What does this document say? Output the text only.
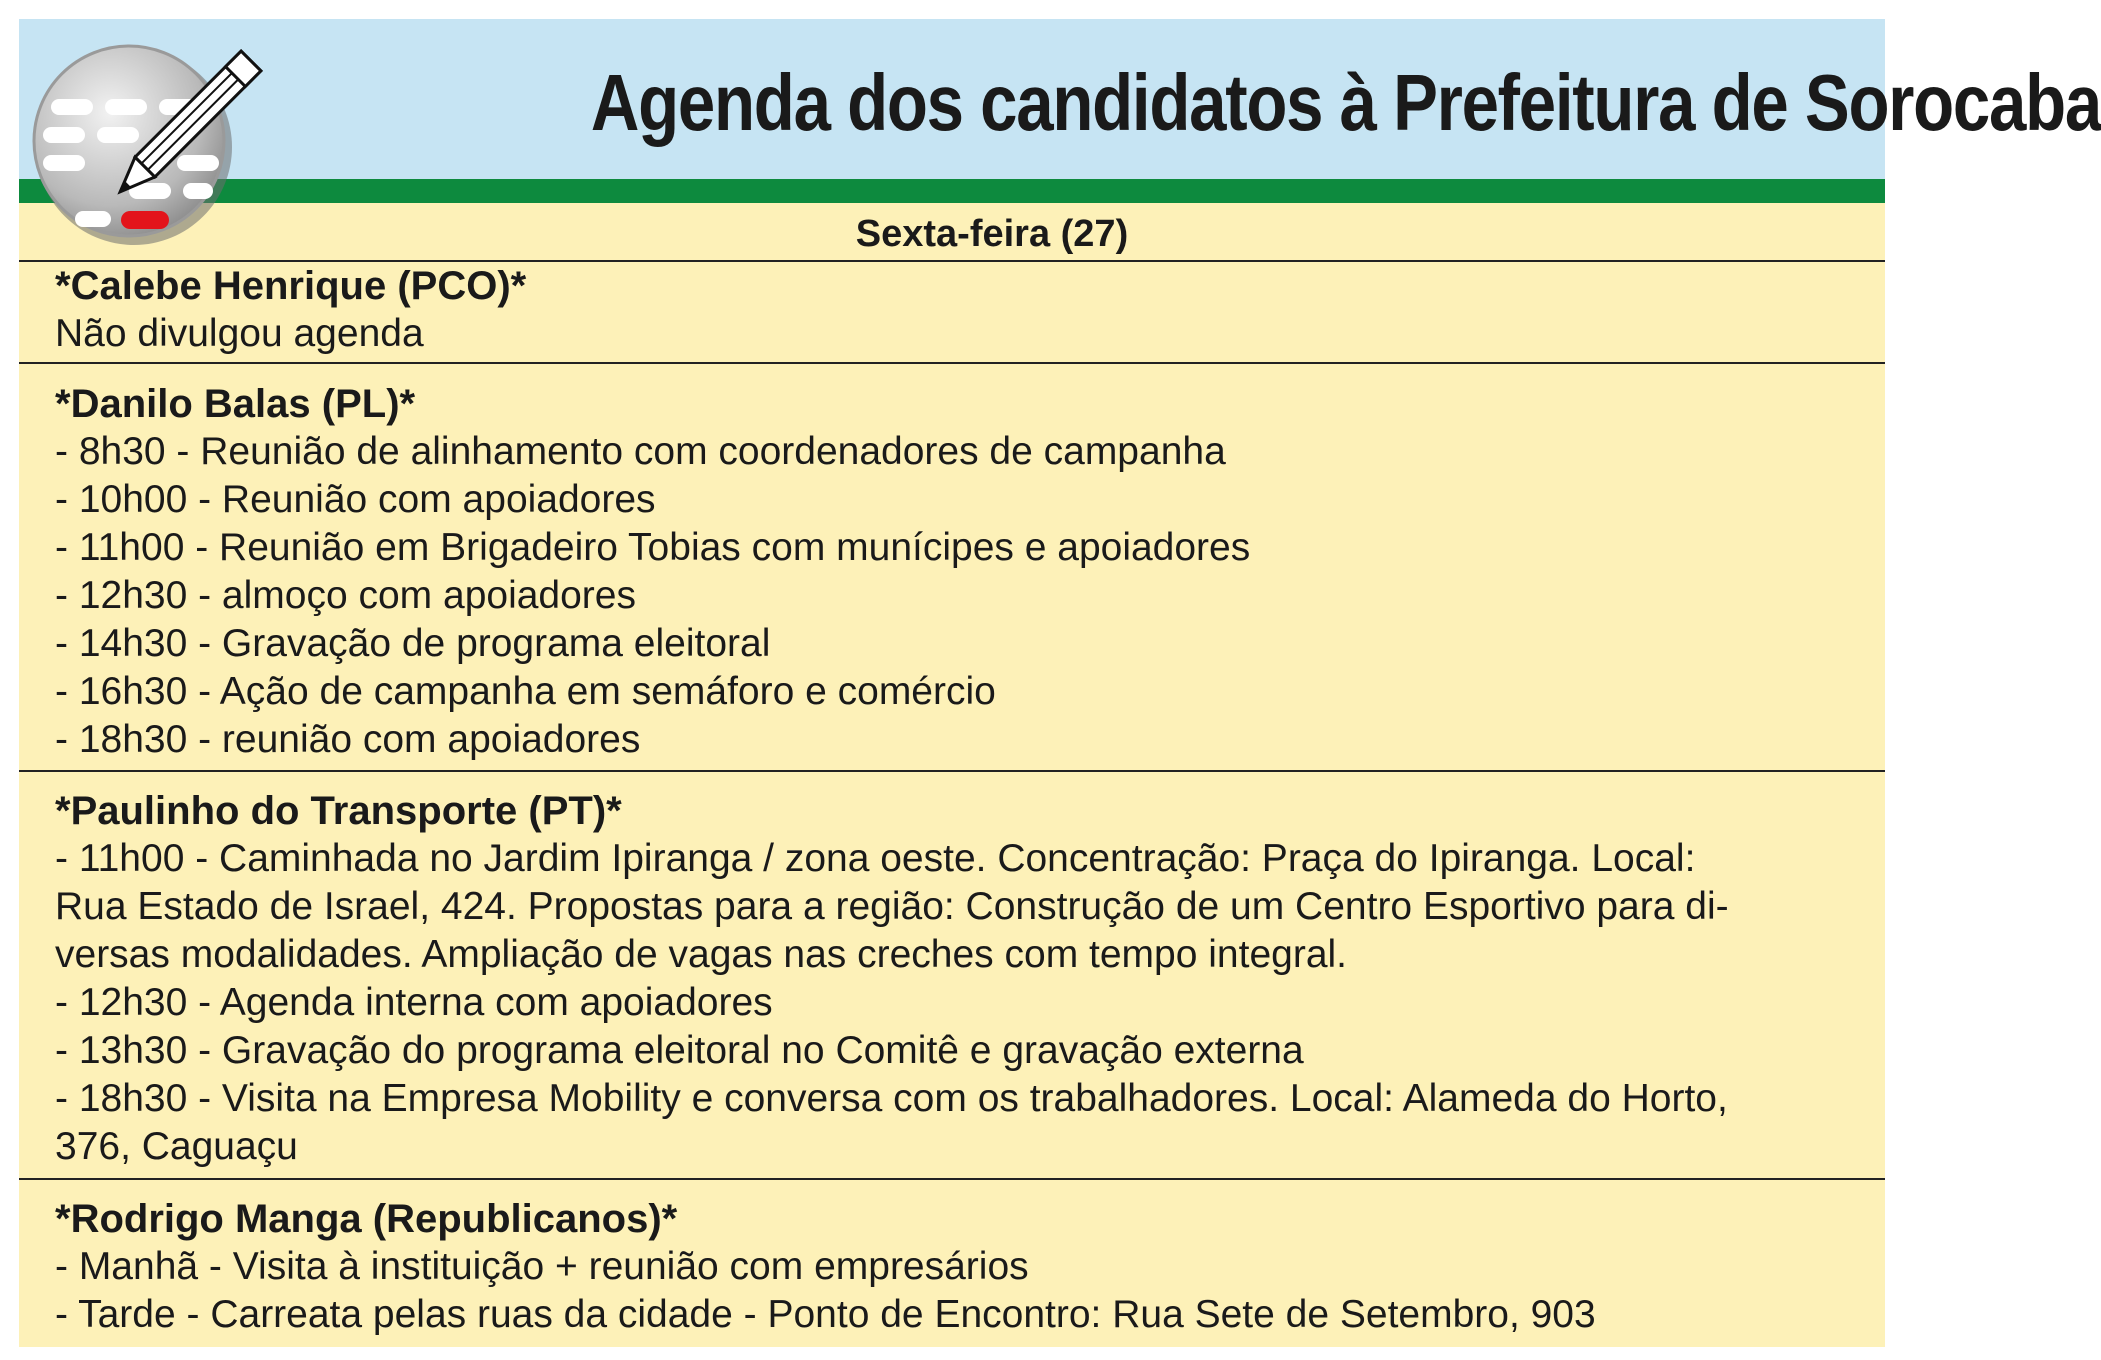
Agenda dos candidatos à Prefeitura de Sorocaba
Sexta-feira (27)
*Calebe Henrique (PCO)*
Não divulgou agenda
*Danilo Balas (PL)*
- 8h30 - Reunião de alinhamento com coordenadores de campanha
- 10h00 - Reunião com apoiadores
- 11h00 - Reunião em Brigadeiro Tobias com munícipes e apoiadores
- 12h30 - almoço com apoiadores
- 14h30 - Gravação de programa eleitoral
- 16h30 - Ação de campanha em semáforo e comércio
- 18h30 - reunião com apoiadores
*Paulinho do Transporte (PT)*
- 11h00 - Caminhada no Jardim Ipiranga / zona oeste. Concentração: Praça do Ipiranga. Local:
Rua Estado de Israel, 424. Propostas para a região: Construção de um Centro Esportivo para di-
versas modalidades. Ampliação de vagas nas creches com tempo integral.
- 12h30 - Agenda interna com apoiadores
- 13h30 - Gravação do programa eleitoral no Comitê e gravação externa
- 18h30 - Visita na Empresa Mobility e conversa com os trabalhadores. Local: Alameda do Horto,
376, Caguaçu
*Rodrigo Manga (Republicanos)*
- Manhã - Visita à instituição + reunião com empresários
- Tarde - Carreata pelas ruas da cidade - Ponto de Encontro: Rua Sete de Setembro, 903
